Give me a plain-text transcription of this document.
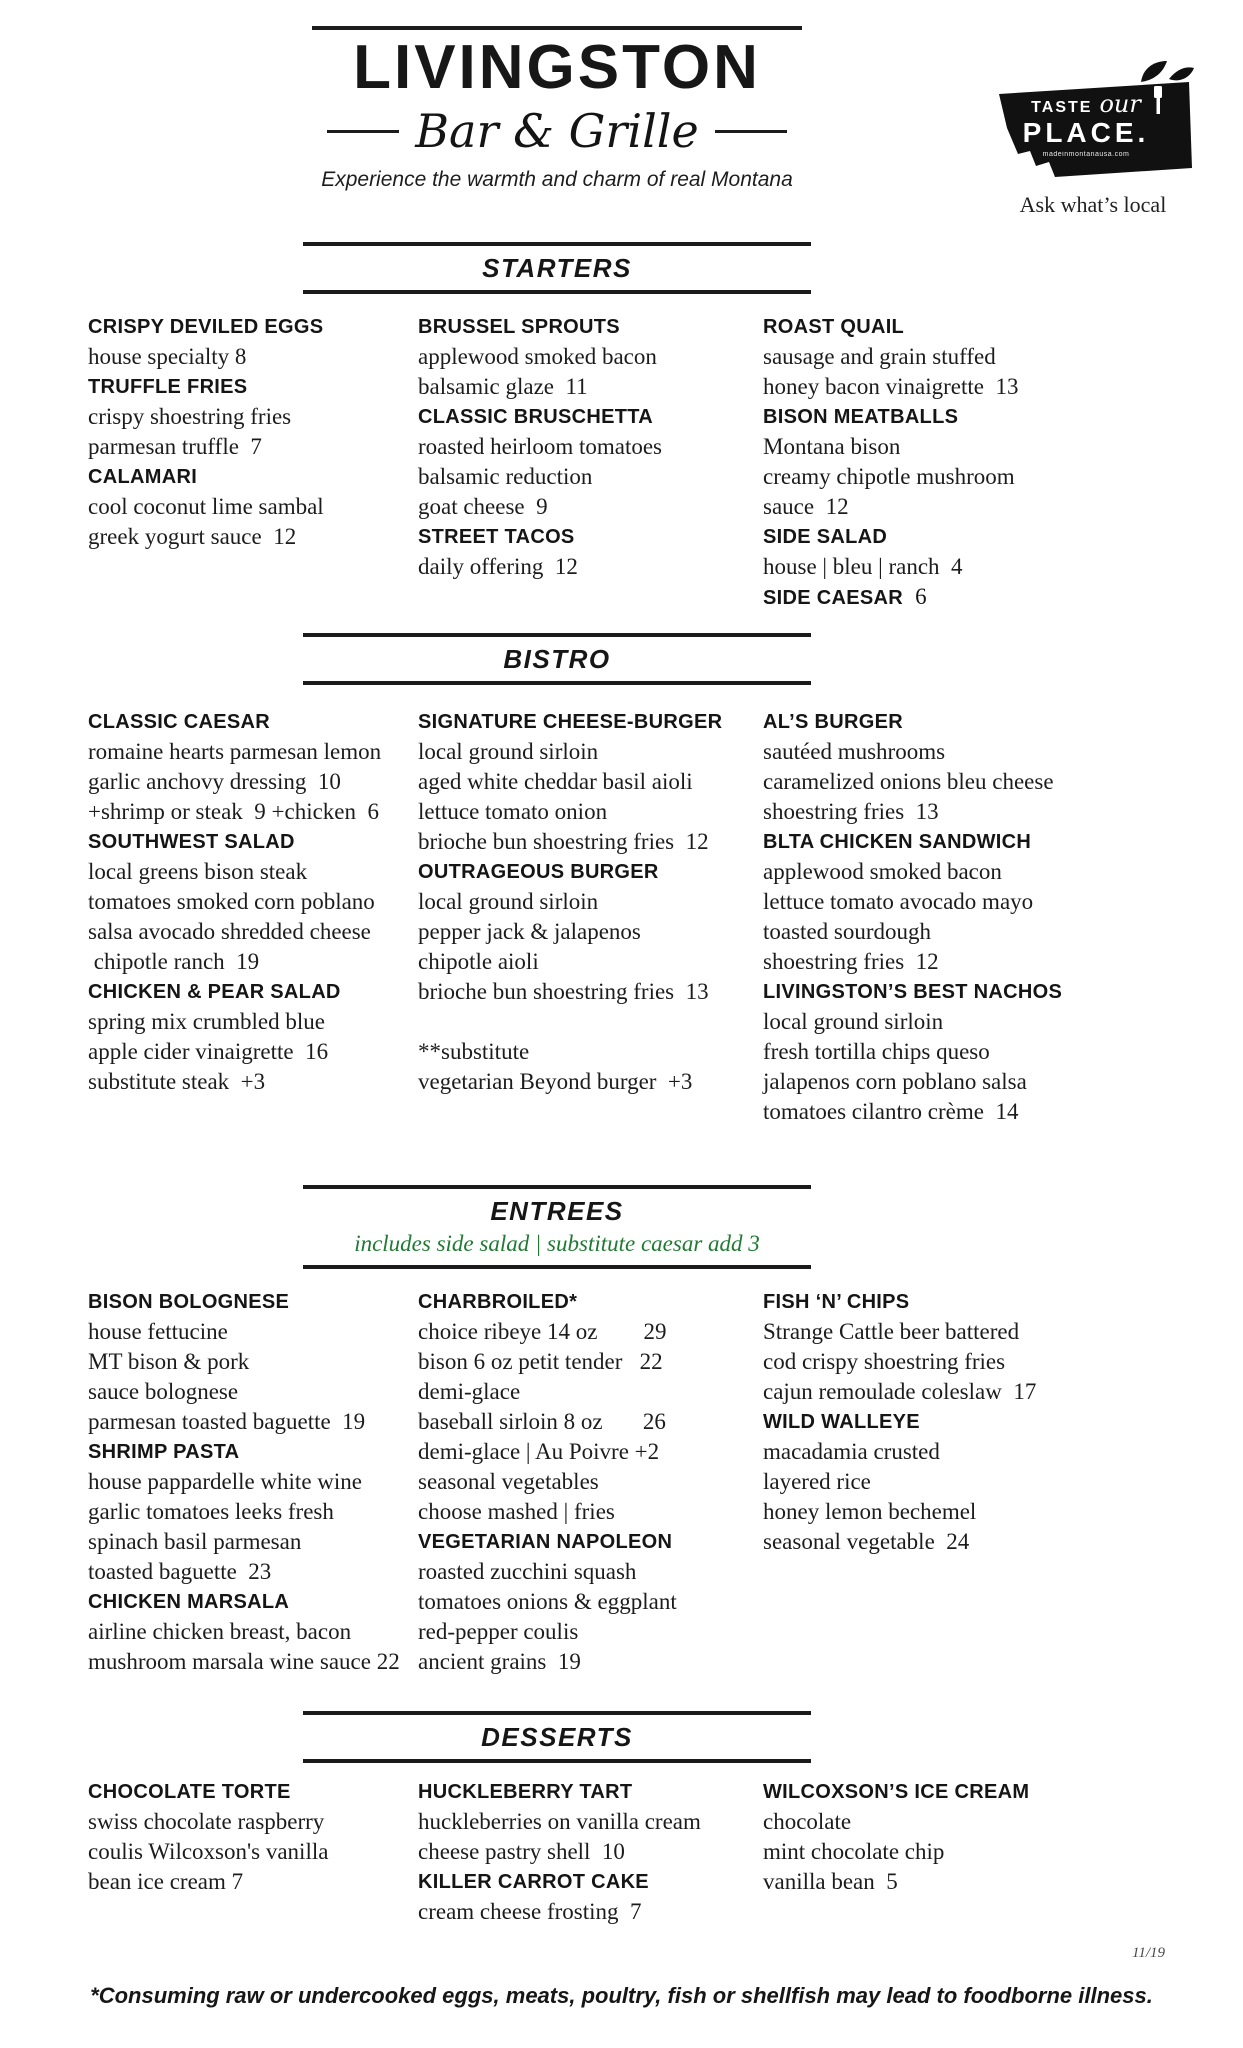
LIVINGSTON
Bar & Grille

Experience the warmth and charm of real Montana

TASTE our
PLACE.
madeinmontanausa.com

Ask what’s local

STARTERS
CRISPY DEVILED EGGS

house specialty 8

TRUFFLE FRIES

crispy shoestring fries

parmesan truffle  7

CALAMARI

cool coconut lime sambal

greek yogurt sauce  12

BRUSSEL SPROUTS

applewood smoked bacon

balsamic glaze  11

CLASSIC BRUSCHETTA

roasted heirloom tomatoes

balsamic reduction

goat cheese  9

STREET TACOS

daily offering  12

ROAST QUAIL

sausage and grain stuffed

honey bacon vinaigrette  13

BISON MEATBALLS

Montana bison

creamy chipotle mushroom

sauce  12

SIDE SALAD

house | bleu | ranch  4

SIDE CAESAR  6
BISTRO
CLASSIC CAESAR

romaine hearts parmesan lemon

garlic anchovy dressing  10

+shrimp or steak  9 +chicken  6

SOUTHWEST SALAD

local greens bison steak

tomatoes smoked corn poblano

salsa avocado shredded cheese

chipotle ranch  19

CHICKEN & PEAR SALAD

spring mix crumbled blue

apple cider vinaigrette  16

substitute steak  +3

SIGNATURE CHEESE-BURGER

local ground sirloin

aged white cheddar basil aioli

lettuce tomato onion

brioche bun shoestring fries  12

OUTRAGEOUS BURGER

local ground sirloin

pepper jack & jalapenos

chipotle aioli

brioche bun shoestring fries  13

**substitute

vegetarian Beyond burger  +3

AL’S BURGER

sautéed mushrooms

caramelized onions bleu cheese

shoestring fries  13

BLTA CHICKEN SANDWICH

applewood smoked bacon

lettuce tomato avocado mayo

toasted sourdough

shoestring fries  12

LIVINGSTON’S BEST NACHOS

local ground sirloin

fresh tortilla chips queso

jalapenos corn poblano salsa

tomatoes cilantro crème  14

ENTREES

includes side salad | substitute caesar add 3

BISON BOLOGNESE

house fettucine

MT bison & pork

sauce bolognese

parmesan toasted baguette  19

SHRIMP PASTA

house pappardelle white wine

garlic tomatoes leeks fresh

spinach basil parmesan

toasted baguette  23

CHICKEN MARSALA

airline chicken breast, bacon

mushroom marsala wine sauce 22

CHARBROILED*

choice ribeye 14 oz        29

bison 6 oz petit tender   22

demi-glace

baseball sirloin 8 oz       26

demi-glace | Au Poivre +2

seasonal vegetables

choose mashed | fries

VEGETARIAN NAPOLEON

roasted zucchini squash

tomatoes onions & eggplant

red-pepper coulis

ancient grains  19

FISH ‘N’ CHIPS

Strange Cattle beer battered

cod crispy shoestring fries

cajun remoulade coleslaw  17

WILD WALLEYE

macadamia crusted

layered rice

honey lemon bechemel

seasonal vegetable  24

DESSERTS
CHOCOLATE TORTE

swiss chocolate raspberry

coulis Wilcoxson's vanilla

bean ice cream 7

HUCKLEBERRY TART

huckleberries on vanilla cream

cheese pastry shell  10

KILLER CARROT CAKE

cream cheese frosting  7

WILCOXSON’S ICE CREAM

chocolate

mint chocolate chip

vanilla bean  5

11/19

*Consuming raw or undercooked eggs, meats, poultry, fish or shellfish may lead to foodborne illness.
